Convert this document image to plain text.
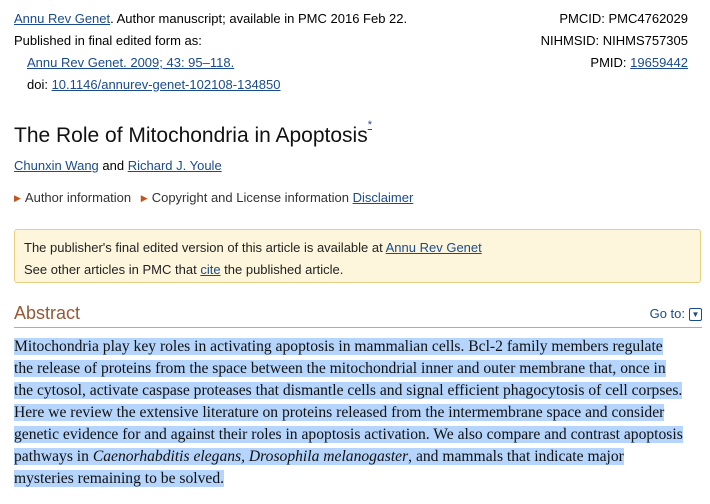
Annu Rev Genet. Author manuscript; available in PMC 2016 Feb 22.
Published in final edited form as:
Annu Rev Genet. 2009; 43: 95–118.
doi: 10.1146/annurev-genet-102108-134850
PMCID: PMC4762029
NIHMSID: NIHMS757305
PMID: 19659442
The Role of Mitochondria in Apoptosis*
Chunxin Wang and Richard J. Youle
▶ Author information ▶ Copyright and License information Disclaimer
The publisher's final edited version of this article is available at Annu Rev Genet
See other articles in PMC that cite the published article.
Abstract	Go to: ▼
Mitochondria play key roles in activating apoptosis in mammalian cells. Bcl-2 family members regulate
the release of proteins from the space between the mitochondrial inner and outer membrane that, once in
the cytosol, activate caspase proteases that dismantle cells and signal efficient phagocytosis of cell corpses.
Here we review the extensive literature on proteins released from the intermembrane space and consider
genetic evidence for and against their roles in apoptosis activation. We also compare and contrast apoptosis
pathways in Caenorhabditis elegans, Drosophila melanogaster, and mammals that indicate major
mysteries remaining to be solved.
